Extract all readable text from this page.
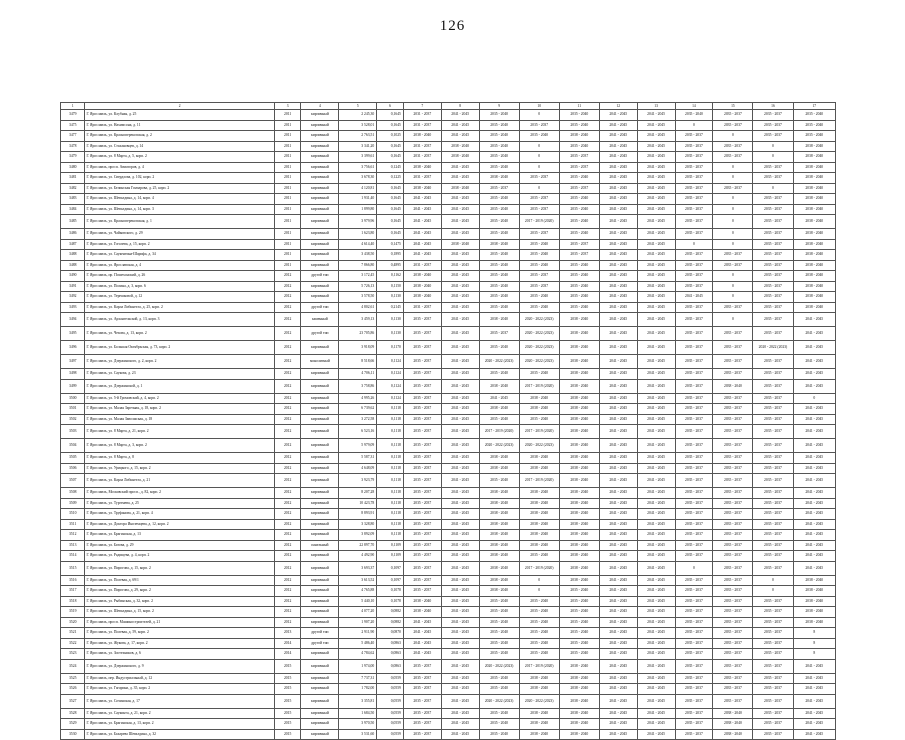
126
1	2	3	4	5	6	7	8	9	10	11	12	13	14	15	16	17
3479	Г. Ярославль, ул. Клубная, д. 25	2011	кирпичный	2 245,30	0,1645	2031 - 2037	2041 - 2045	2035 - 2040	0	2035 - 2040	2041 - 2045	2041 - 2045	2035 - 2040	2035 - 2037	2035 - 2037	2035 - 2040
3475	Г. Ярославль, ул. Нахимсона, д. 11	2011	кирпичный	3 528,01	0,1645	2031 - 2037	2041 - 2045	2035 - 2040	2035 - 2037	2035 - 2040	2041 - 2045	2041 - 2045	0	2035 - 2037	2035 - 2037	2035 - 2040
3477	Г. Ярославль, ул. Красноперекопская, д. 2	2011	кирпичный	2 763,51	0,1025	2038 - 2040	2041 - 2045	2035 - 2040	2035 - 2040	2038 - 2040	2041 - 2045	2041 - 2045	2035 - 2037	0	2035 - 2037	2035 - 2040
3478	Г. Ярославль, ул. Стахановцев, д. 14	2011	кирпичный	3 341,20	0,1645	2031 - 2037	2038 - 2040	2035 - 2040	0	2035 - 2040	2041 - 2045	2041 - 2045	2035 - 2037	2035 - 2037	0	2038 - 2040
3479	Г. Ярославль, ул. 8 Марта, д. 5, корп. 2	2011	кирпичный	3 399,61	0,1645	2031 - 2037	2038 - 2040	2035 - 2040	0	2035 - 2037	2041 - 2045	2041 - 2045	2035 - 2037	2035 - 2037	0	2038 - 2040
3480	Г. Ярославль, просп. Авиаторов, д. 4	2011	кирпичный	3 756,61	0,1245	2038 - 2040	2041 - 2045	2035 - 2040	0	2035 - 2037	2041 - 2045	2041 - 2045	2035 - 2037	0	2035 - 2037	2038 - 2040
3481	Г. Ярославль, ул. Свердлова, д. 102, корп. 2	2011	кирпичный	3 678,30	0,1225	2031 - 2037	2041 - 2045	2038 - 2040	2035 - 2037	2035 - 2040	2041 - 2045	2041 - 2045	2035 - 2037	0	2035 - 2037	2038 - 2040
3482	Г. Ярославль, ул. Белинская Гончарова, д. 25, корп. 2	2011	кирпичный	4 120,81	0,1645	2038 - 2040	2038 - 2040	2035 - 2037	0	2035 - 2037	2041 - 2045	2041 - 2045	2035 - 2037	2035 - 2037	0	2038 - 2040
3483	Г. Ярославль, ул. Шевалдина, д. 14, корп. 4	2011	кирпичный	1 931,40	0,1645	2041 - 2045	2041 - 2045	2035 - 2040	2035 - 2037	2035 - 2040	2041 - 2045	2041 - 2045	2035 - 2037	0	2035 - 2037	2038 - 2040
3484	Г. Ярославль, ул. Шевалдина, д. 14, корп. 3	2011	кирпичный	1 899,80	0,1645	2041 - 2045	2041 - 2045	2035 - 2040	2035 - 2037	2035 - 2040	2041 - 2045	2041 - 2045	2035 - 2037	0	2035 - 2037	2038 - 2040
3485	Г. Ярославль, ул. Красноперекопская, д. 1	2011	кирпичный	3 979,96	0,1645	2041 - 2045	2041 - 2045	2035 - 2040	2017 - 2019 (2020)	2035 - 2040	2041 - 2045	2041 - 2045	2035 - 2037	0	2035 - 2037	2038 - 2040
3486	Г. Ярославль, ул. Чайковского, д. 29	2011	кирпичный	1 623,80	0,1645	2041 - 2045	2041 - 2045	2035 - 2040	2035 - 2037	2035 - 2040	2041 - 2045	2041 - 2045	2035 - 2037	0	2035 - 2037	2038 - 2040
3487	Г. Ярославль, ул. Гоголева, д. 15, корп. 2	2011	кирпичный	4 614,40	0,1475	2041 - 2045	2038 - 2040	2038 - 2040	2035 - 2040	2035 - 2037	2041 - 2045	2041 - 2045	0	0	2035 - 2037	2038 - 2040
3488	Г. Ярославль, ул. Саукентина-Шарифа, д. 34	2011	кирпичный	3 438,50	0,1895	2041 - 2045	2041 - 2045	2035 - 2040	2035 - 2040	2035 - 2037	2041 - 2045	2041 - 2045	2035 - 2037	2035 - 2037	2035 - 2037	2038 - 2040
3488	Г. Ярославль, ул. Ярославская, д. 4	2011	кирпичный	7 866,80	0,4895	2031 - 2037	2041 - 2045	2035 - 2040	2035 - 2040	2035 - 2040	2041 - 2045	2041 - 2045	2035 - 2037	2035 - 2037	2035 - 2037	2038 - 2040
3490	Г. Ярославль, пр. Пошехонский, д. 26	2012	другой тип	3 172,45	0,1162	2038 - 2040	2041 - 2045	2035 - 2040	2035 - 2037	2035 - 2040	2041 - 2045	2041 - 2045	2035 - 2037	0	2035 - 2037	2038 - 2040
3491	Г. Ярославль, ул. Полина, д. 3, корп. 6	2012	кирпичный	5 726,13	0,1150	2038 - 2040	2041 - 2045	2035 - 2040	2035 - 2037	2035 - 2040	2041 - 2045	2041 - 2045	2035 - 2037	0	2035 - 2037	2038 - 2040
3492	Г. Ярославль, ул. Терешковой, д. 12	2012	кирпичный	3 578,50	0,1130	2038 - 2040	2041 - 2045	2035 - 2040	2035 - 2040	2035 - 2040	2041 - 2045	2041 - 2045	2041 - 2045	0	2035 - 2037	2038 - 2040
3493	Г. Ярославль, ул. Карла Либкнехта, д. 25, корп. 2	2012	другой тип	4 802,61	0,2145	2031 - 2037	2041 - 2045	2035 - 2040	2035 - 2040	2035 - 2040	2041 - 2045	2041 - 2045	2035 - 2037	2035 - 2037	2035 - 2037	2038 - 2040
3494	Г. Ярославль, ул. Архангельской, д. 13, корп. 3	2012	каменный	3 459,13	0,1130	2035 - 2037	2041 - 2045	2038 - 2040	2020 - 2022 (2023)	2038 - 2040	2041 - 2045	2041 - 2045	2035 - 2037	0	2035 - 2037	2041 - 2045
3495	Г. Ярославль, ул. Чехова, д. 13, корп. 2	2012	другой тип	23 705,86	0,1130	2035 - 2037	2041 - 2045	2035 - 2037	2020 - 2022 (2023)	2038 - 2040	2041 - 2045	2041 - 2045	2035 - 2037	2035 - 2037	2035 - 2037	2041 - 2045
3496	Г. Ярославль, ул. Большая Октябрьская, д. 73, корп. 2	2012	кирпичный	3 918,09	0,1170	2035 - 2037	2041 - 2045	2035 - 2040	2020 - 2022 (2023)	2038 - 2040	2041 - 2045	2041 - 2045	2035 - 2037	2035 - 2037	2020 - 2022 (2023)	2041 - 2045
3497	Г. Ярославль, ул. Дзержинского, д. 2, корп. 2	2012	монолитный	8 518,66	0,1124	2035 - 2037	2041 - 2045	2020 - 2022 (2023)	2020 - 2022 (2023)	2038 - 2040	2041 - 2045	2041 - 2045	2035 - 2037	2035 - 2037	2035 - 2037	2041 - 2045
3498	Г. Ярославль, ул. Саукова, д. 23	2012	кирпичный	4 706,11	0,1124	2035 - 2037	2041 - 2045	2035 - 2040	2035 - 2040	2038 - 2040	2041 - 2045	2041 - 2045	2035 - 2037	2035 - 2037	2035 - 2037	2041 - 2045
3499	Г. Ярославль, ул. Дзержинской, д. 1	2012	кирпичный	3 758,86	0,1124	2035 - 2037	2041 - 2045	2038 - 2040	2017 - 2019 (2020)	2038 - 2040	2041 - 2045	2041 - 2045	2035 - 2037	2038 - 2040	2035 - 2037	2041 - 2045
3500	Г. Ярославль, ул. 5-й Громовский, д. 4, корп. 2	2012	кирпичный	4 995,26	0,1124	2035 - 2037	2041 - 2045	2041 - 2045	2038 - 2040	2038 - 2040	2041 - 2045	2041 - 2045	2035 - 2037	2035 - 2037	2035 - 2037	0
3501	Г. Ярославль, ул. Малая Заречная, д. 18, корп. 2	2012	кирпичный	6 739,62	0,1118	2035 - 2037	2041 - 2045	2038 - 2040	2038 - 2040	2038 - 2040	2041 - 2045	2041 - 2045	2035 - 2037	2035 - 2037	2035 - 2037	2041 - 2045
3502	Г. Ярославль, ул. Малая Заволжская, д. 18	2012	кирпичный	3 272,58	0,1118	2035 - 2037	2041 - 2045	2035 - 2040	2035 - 2040	2038 - 2040	2041 - 2045	2041 - 2045	2035 - 2037	2035 - 2037	2035 - 2037	2041 - 2045
3503	Г. Ярославль, ул. 8 Марта, д. 21, корп. 2	2012	кирпичный	6 523,16	0,1118	2035 - 2037	2041 - 2045	2017 - 2019 (2020)	2017 - 2019 (2020)	2038 - 2040	2041 - 2045	2041 - 2045	2035 - 2037	2035 - 2037	2035 - 2037	2041 - 2045
3504	Г. Ярославль, ул. 8 Марта, д. 3, корп. 2	2012	кирпичный	5 979,09	0,1118	2035 - 2037	2041 - 2045	2020 - 2022 (2023)	2020 - 2022 (2023)	2038 - 2040	2041 - 2045	2041 - 2045	2035 - 2037	2035 - 2037	2035 - 2037	2041 - 2045
3505	Г. Ярославль, ул. 8 Марта, д. 8	2012	кирпичный	5 587,31	0,1118	2035 - 2037	2041 - 2045	2038 - 2040	2038 - 2040	2038 - 2040	2041 - 2045	2041 - 2045	2035 - 2037	2035 - 2037	2035 - 2037	2041 - 2045
3506	Г. Ярославль, ул. Урицкого, д. 15, корп. 2	2012	кирпичный	4 648,09	0,1118	2035 - 2037	2041 - 2045	2038 - 2040	2038 - 2040	2038 - 2040	2041 - 2045	2041 - 2045	2035 - 2037	2035 - 2037	2035 - 2037	2041 - 2045
3507	Г. Ярославль, ул. Карла Либкнехта, д. 21	2012	кирпичный	3 923,79	0,1118	2035 - 2037	2041 - 2045	2035 - 2040	2017 - 2019 (2020)	2038 - 2040	2041 - 2045	2041 - 2045	2035 - 2037	2035 - 2037	2035 - 2037	2041 - 2045
3508	Г. Ярославль, Московский просп., д. 82, корп. 2	2012	кирпичный	8 207,28	0,1118	2035 - 2037	2041 - 2045	2038 - 2040	2038 - 2040	2038 - 2040	2041 - 2045	2041 - 2045	2035 - 2037	2035 - 2037	2035 - 2037	2041 - 2045
3509	Г. Ярославль, ул. Тургенева, д. 25	2012	кирпичный	10 423,78	0,1118	2035 - 2037	2041 - 2045	2038 - 2040	2038 - 2040	2038 - 2040	2041 - 2045	2041 - 2045	2035 - 2037	2035 - 2037	2035 - 2037	2041 - 2045
3510	Г. Ярославль, ул. Труфанова, д. 21, корп. 4	2012	кирпичный	8 893,91	0,1118	2035 - 2037	2041 - 2045	2038 - 2040	2038 - 2040	2038 - 2040	2041 - 2045	2041 - 2045	2035 - 2037	2035 - 2037	2035 - 2037	2041 - 2045
3511	Г. Ярославль, ул. Доктора Иноземцева, д. 12, корп. 2	2012	кирпичный	3 328,80	0,1118	2035 - 2037	2041 - 2045	2038 - 2040	2038 - 2040	2038 - 2040	2041 - 2045	2041 - 2045	2035 - 2037	2035 - 2037	2035 - 2037	2041 - 2045
3512	Г. Ярославль, ул. Брагинская, д. 13	2012	кирпичный	3 892,09	0,1118	2035 - 2037	2041 - 2045	2038 - 2040	2038 - 2040	2038 - 2040	2041 - 2045	2041 - 2045	2035 - 2037	2035 - 2037	2035 - 2037	2041 - 2045
3513	Г. Ярославль, ул. Батова, д. 29	2012	панельный	22 897,70	0,1109	2035 - 2037	2041 - 2045	2038 - 2040	2038 - 2040	2038 - 2040	2041 - 2045	2041 - 2045	2035 - 2037	2035 - 2037	2035 - 2037	2041 - 2045
3514	Г. Ярославль, ул. Радищева, д. 4, корп. 2	2012	кирпичный	4 492,90	0,1109	2035 - 2037	2041 - 2045	2038 - 2040	2035 - 2040	2038 - 2040	2041 - 2045	2041 - 2045	2035 - 2037	2035 - 2037	2035 - 2037	2041 - 2045
3515	Г. Ярославль, ул. Пирогова, д. 15, корп. 2	2012	кирпичный	3 693,37	0,1097	2035 - 2037	2041 - 2045	2038 - 2040	2017 - 2019 (2020)	2038 - 2040	2041 - 2045	2041 - 2045	0	2035 - 2037	2035 - 2037	2041 - 2045
3516	Г. Ярославль, ул. Полевая, д. 69/1	2012	кирпичный	3 613,52	0,1097	2035 - 2037	2041 - 2045	2038 - 2040	0	2038 - 2040	2041 - 2045	2041 - 2045	2035 - 2037	2035 - 2037	0	2038 - 2040
3517	Г. Ярославль, ул. Пирогова, д. 29, корп. 2	2012	кирпичный	4 765,88	0,1078	2035 - 2037	2041 - 2045	2038 - 2040	0	2035 - 2040	2041 - 2045	2041 - 2045	2035 - 2037	2035 - 2037	0	2038 - 2040
3518	Г. Ярославль, ул. Рыбинская, д. 32, корп. 2	2012	кирпичный	5 440,10	0,1078	2038 - 2040	2041 - 2045	2035 - 2040	2035 - 2040	2035 - 2040	2041 - 2045	2041 - 2045	2035 - 2037	2035 - 2037	2035 - 2037	2038 - 2040
3519	Г. Ярославль, ул. Шевалдина, д. 15, корп. 2	2012	кирпичный	4 077,20	0,0882	2038 - 2040	2041 - 2045	2035 - 2040	2035 - 2040	2035 - 2040	2041 - 2045	2041 - 2045	2035 - 2037	2035 - 2037	2035 - 2037	2038 - 2040
3520	Г. Ярославль, просп. Машиностроителей, д. 21	2012	кирпичный	1 907,20	0,0882	2041 - 2045	2041 - 2045	2035 - 2040	2035 - 2040	2035 - 2040	2041 - 2045	2041 - 2045	2035 - 2037	2035 - 2037	2035 - 2037	2038 - 2040
3521	Г. Ярославль, ул. Полевая, д. 59, корп. 2	2013	другой тип	2 911,90	0,0870	2041 - 2045	2041 - 2045	2035 - 2040	2035 - 2040	2035 - 2040	2041 - 2045	2041 - 2045	2035 - 2037	2035 - 2037	2035 - 2037	8
3522	Г. Ярославль, ул. Жукова, д. 17, корп. 2	2014	другой тип	5 486,40	0,0863	2041 - 2045	2041 - 2045	2035 - 2040	2035 - 2040	2035 - 2040	2041 - 2045	2041 - 2045	2035 - 2037	2035 - 2037	2035 - 2037	8
3523	Г. Ярославль, ул. Зоотехников, д. 6	2014	кирпичный	4 784,62	0,0863	2041 - 2045	2041 - 2045	2035 - 2040	2035 - 2040	2035 - 2040	2041 - 2045	2041 - 2045	2035 - 2037	2035 - 2037	2035 - 2037	8
3524	Г. Ярославль, ул. Дзержинского, д. 9	2015	кирпичный	1 974,00	0,0863	2035 - 2037	2041 - 2045	2020 - 2022 (2023)	2017 - 2019 (2020)	2038 - 2040	2041 - 2045	2041 - 2045	2035 - 2037	2035 - 2037	2035 - 2037	2041 - 2045
3525	Г. Ярославль, пер. Индустриальный, д. 12	2015	кирпичный	7 737,31	0,0559	2035 - 2037	2041 - 2045	2035 - 2040	2038 - 2040	2038 - 2040	2041 - 2045	2041 - 2045	2035 - 2037	2035 - 2037	2035 - 2037	2041 - 2045
3526	Г. Ярославль, ул. Гагарина, д. 35, корп. 2	2015	кирпичный	1 782,00	0,0559	2035 - 2037	2041 - 2045	2035 - 2040	2038 - 2040	2038 - 2040	2041 - 2045	2041 - 2045	2035 - 2037	2035 - 2037	2035 - 2037	2041 - 2045
3527	Г. Ярославль, ул. Сочинская, д. 17	2015	кирпичный	3 355,81	0,0559	2035 - 2037	2041 - 2045	2020 - 2022 (2023)	2020 - 2022 (2023)	2038 - 2040	2041 - 2045	2041 - 2045	2035 - 2037	2035 - 2037	2035 - 2037	2041 - 2045
3528	Г. Ярославль, ул. Саукинта, д. 21, корп. 2	2015	кирпичный	1 684,50	0,0559	2035 - 2037	2041 - 2045	2035 - 2040	2038 - 2040	2038 - 2040	2041 - 2045	2041 - 2045	2035 - 2037	2038 - 2040	2035 - 2037	2041 - 2045
3529	Г. Ярославль, ул. Брагинская, д. 13, корп. 2	2015	кирпичный	3 970,50	0,0559	2035 - 2037	2041 - 2045	2035 - 2040	2038 - 2040	2038 - 2040	2041 - 2045	2041 - 2045	2035 - 2037	2038 - 2040	2035 - 2037	2041 - 2045
3530	Г. Ярославль, ул. Бахарева Шевалдина, д. 32	2015	кирпичный	3 531,60	0,0559	2035 - 2037	2041 - 2045	2035 - 2040	2038 - 2040	2038 - 2040	2041 - 2045	2041 - 2045	2035 - 2037	2038 - 2040	2035 - 2037	2041 - 2045
